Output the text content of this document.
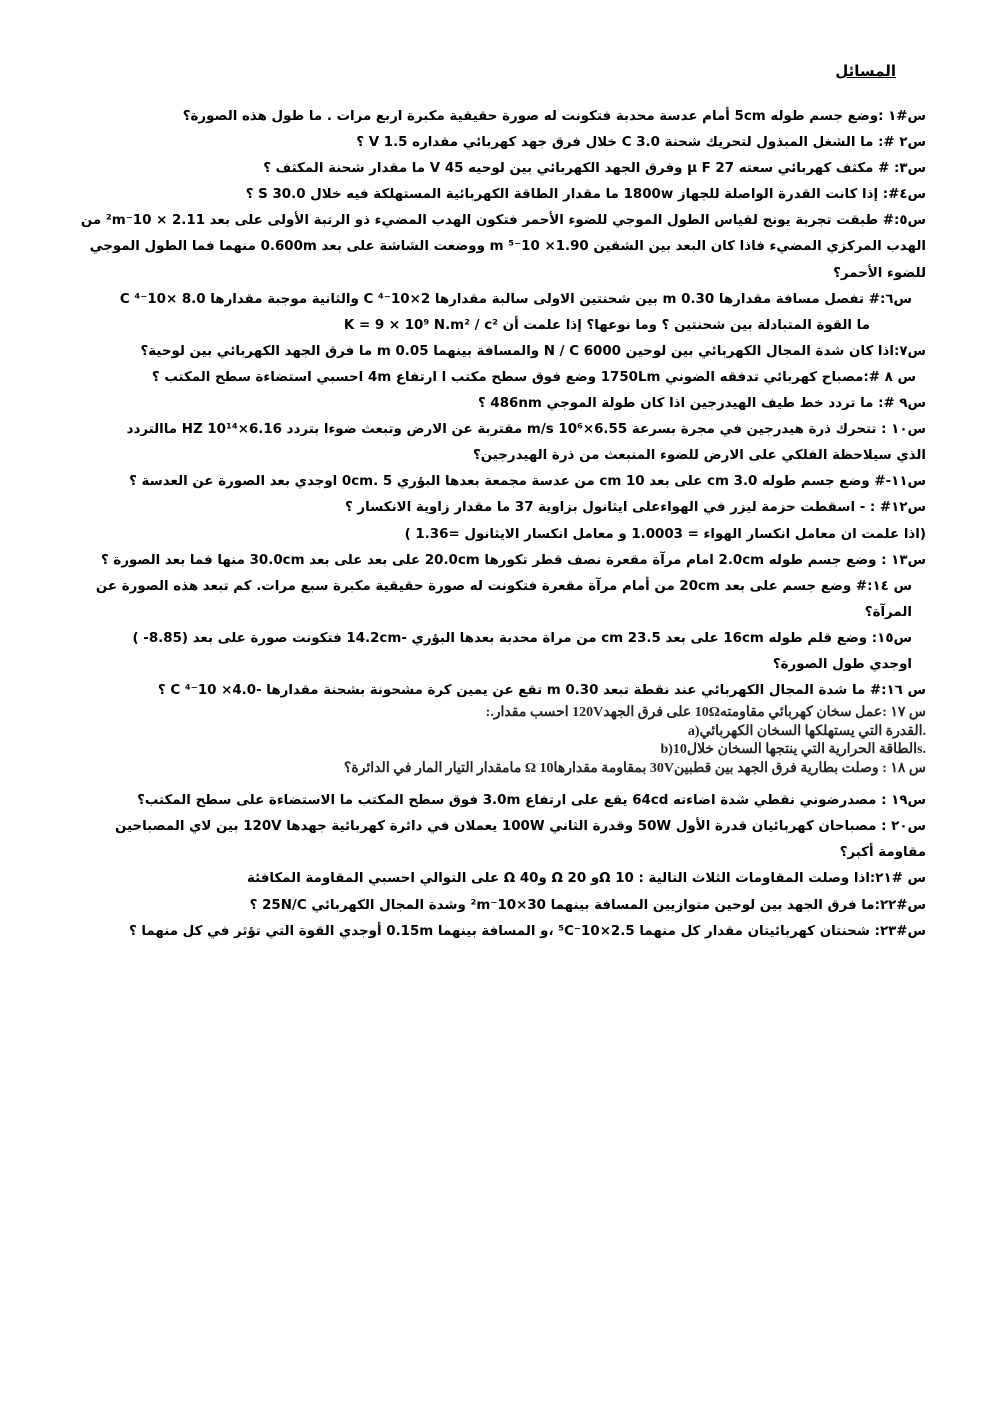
المسائل
س#١ :وضع جسم طوله 5cm أمام عدسة محدبة فتكونت له صورة حقيقية مكبرة اربع مرات . ما طول هذه الصورة؟
س٢ #: ما الشغل المبذول لتحريك شحنة 3.0 C خلال فرق جهد كهربائي مقداره 1.5 V ؟
س٣: # مكثف كهربائي سعته µ F 27 وفرق الجهد الكهربائي بين لوحيه 45 V ما مقدار شحنة المكثف ؟
س٤#: إذا كانت القدرة الواصلة للجهاز 1800w ما مقدار الطاقة الكهربائية المستهلكة فيه خلال 30.0 S ؟
س٥:# طبقت تجربة يونج لقياس الطول الموجي للضوء الأحمر فتكون الهدب المضيء ذو الرتبة الأولى على بعد 2.11 × 10⁻²m من
الهدب المركزي المضيء فاذا كان البعد بين الشقين 1.90× 10⁻⁵ m ووضعت الشاشة على بعد 0.600m منهما فما الطول الموجي
للضوء الأحمر؟
س٦:# تفصل مسافة مقدارها 0.30 m بين شحنتين الاولى سالبة مقدارها 2×10⁻⁴ C والثانية موجبة مقدارها 8.0 ×10⁻⁴ C
ما القوة المتبادلة بين شحنتين ؟ وما نوعها؟ إذا علمت أن K = 9 × 10⁹ N.m² / c²
س٧:اذا كان شدة المجال الكهربائي بين لوحين 6000 N / C والمسافة بينهما 0.05 m ما فرق الجهد الكهربائي بين لوحية؟
س ٨ #:مصباح كهربائي تدفقه الضوني 1750Lm وضع فوق سطح مكتب ا ارتفاع 4m احسبي استضاءة سطح المكتب ؟
س٩ #: ما تردد خط طيف الهيدرجين اذا كان طولة الموجي 486nm ؟
س١٠ : تتحرك ذرة هيدرجين في مجرة بسرعة 6.55×10⁶ m/s مقتربة عن الارض وتبعث ضوءا بتردد 6.16×10¹⁴ HZ ماالتردد
الذي سيلاحظة الفلكي على الارض للضوء المنبعث من ذرة الهيدرجين؟
س١١-# وضع جسم طوله 3.0 cm على بعد 10 cm من عدسة مجمعة بعدها البؤري 5 .0cm اوجدي بعد الصورة عن العدسة ؟
س١٢# : - اسقطت حزمة ليزر في الهواءعلى ايثانول بزاوية 37 ما مقدار زاوية الانكسار ؟
(اذا علمت ان معامل انكسار الهواء = 1.0003 و معامل انكسار الايثانول =1.36 )
س١٣ : وضع جسم طوله 2.0cm امام مرآة مقعرة نصف قطر تكورها 20.0cm على بعد على بعد 30.0cm منها فما بعد الصورة ؟
س ١٤:# وضع جسم على بعد 20cm من أمام مرآة مقعرة فتكونت له صورة حقيقية مكبرة سبع مرات. كم تبعد هذه الصورة عن
المرآة؟
س١٥: وضع قلم طوله 16cm على بعد 23.5 cm من مراة محدبة بعدها البؤري -14.2cm فتكونت صورة على بعد (8.85- )
اوجدي طول الصورة؟
س ١٦:# ما شدة المجال الكهربائي عند نقطة تبعد 0.30 m تقع عن يمين كرة مشحونة بشحنة مقدارها -4.0× 10⁻⁴ C ؟
س ١٧ :عمل سخان كهربائي مقاومته10Ω على فرق الجهد120V احسب مقدار.:
a)القدرة التي يستهلكها السخان الكهربائي.
b)الطاقة الحرارية التي ينتجها السخان خلال10s.
س ١٨ : وصلت بطارية فرق الجهد بين قطبين30V بمقاومة مقدارها10 Ω مامقدار التيار المار في الدائرة؟
س١٩ : مصدرضوني نقطي شدة اضاءته 64cd يقع على ارتفاع 3.0m فوق سطح المكتب ما الاستضاءة على سطح المكتب؟
س٢٠ : مصباحان كهربائيان قدرة الأول 50W وقدرة الثاني 100W يعملان في دائرة كهربائية جهدها 120V بين لاي المصباحين
مقاومة أكبر؟
س #٢١:اذا وصلت المقاومات الثلاث التالية : Ω 10و Ω 20 وΩ 40 على التوالي احسبي المقاومة المكافئة
س#٢٢:ما فرق الجهد بين لوحين متوازيين المسافة بينهما 30×10⁻²m وشدة المجال الكهربائي 25N/C ؟
س#٢٣: شحنتان كهربائيتان مقدار كل منهما 2.5×10⁻⁵C ،و المسافة بينهما 0.15m أوجدي القوة التي تؤثر في كل منهما ؟
